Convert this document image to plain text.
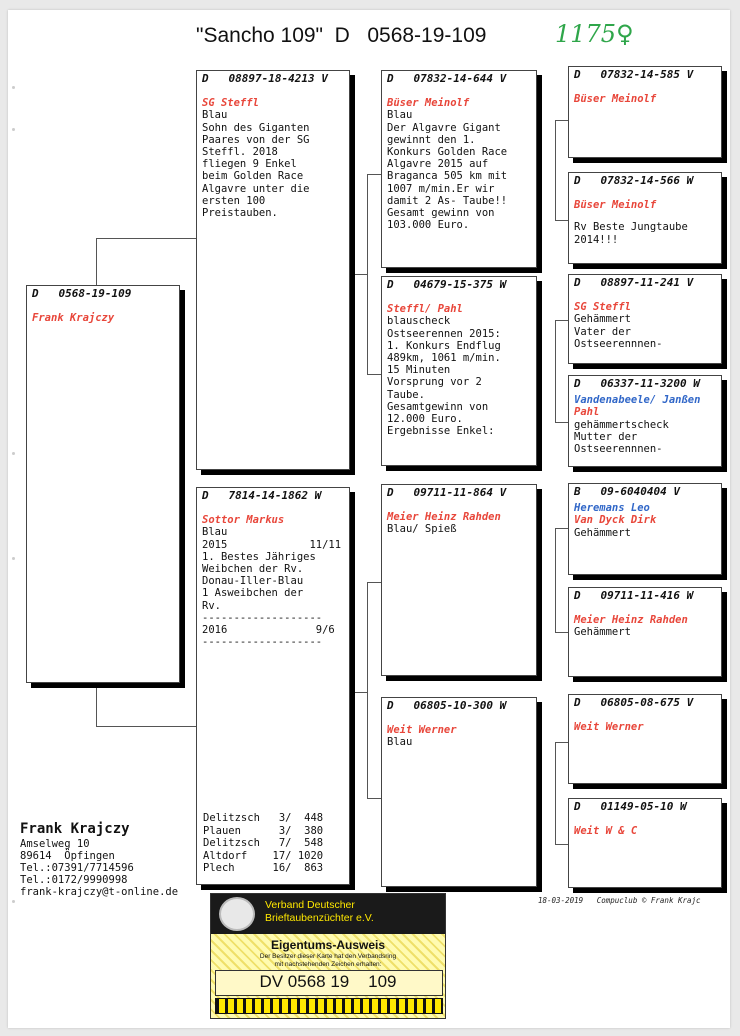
"Sancho 109"  D   0568-19-109	1175♀
D   0568-19-109
Frank Krajczy
D   08897-18-4213 V
SG Steffl
Blau
Sohn des Giganten
Paares von der SG
Steffl. 2018
fliegen 9 Enkel
beim Golden Race
Algavre unter die
ersten 100
Preistauben.
D   7814-14-1862 W
Sottor Markus
Blau
2015             11/11
1. Bestes Jähriges
Weibchen der Rv.
Donau-Iller-Blau
1 Asweibchen der
Rv.
-------------------
2016              9/6
-------------------
Delitzsch   3/  448
Plauen      3/  380
Delitzsch   7/  548
Altdorf    17/ 1020
Plech      16/  863
D   07832-14-644 V
Büser Meinolf
Blau
Der Algavre Gigant
gewinnt den 1.
Konkurs Golden Race
Algavre 2015 auf
Braganca 505 km mit
1007 m/min.Er wir
damit 2 As- Taube!!
Gesamt gewinn von
103.000 Euro.
D   04679-15-375 W
Steffl/ Pahl
blauscheck
Ostseerennen 2015:
1. Konkurs Endflug
489km, 1061 m/min.
15 Minuten
Vorsprung vor 2
Taube.
Gesamtgewinn von
12.000 Euro.
Ergebnisse Enkel:
D   09711-11-864 V
Meier Heinz Rahden
Blau/ Spieß
D   06805-10-300 W
Weit Werner
Blau
D   07832-14-585 V
Büser Meinolf
D   07832-14-566 W
Büser Meinolf
Rv Beste Jungtaube
2014!!!
D   08897-11-241 V
SG Steffl
Gehämmert
Vater der
Ostseerennnen-
D   06337-11-3200 W
Vandenabeele/ Janßen
Pahl
gehämmertscheck
Mutter der
Ostseerennnen-
B   09-6040404 V
Heremans Leo
Van Dyck Dirk
Gehämmert
D   09711-11-416 W
Meier Heinz Rahden
Gehämmert
D   06805-08-675 V
Weit Werner
D   01149-05-10 W
Weit W & C
Frank Krajczy
Amselweg 10
89614  Öpfingen
Tel.:07391/7714596
Tel.:0172/9990998
frank-krajczy@t-online.de
18-03-2019   Compuclub © Frank Krajc
Verband Deutscher
Brieftaubenzüchter e.V.
Eigentums-Ausweis
Der Besitzer dieser Karte hat den Verbandsring
mit nachstehenden Zeichen erhalten:
DV 0568 19    109
